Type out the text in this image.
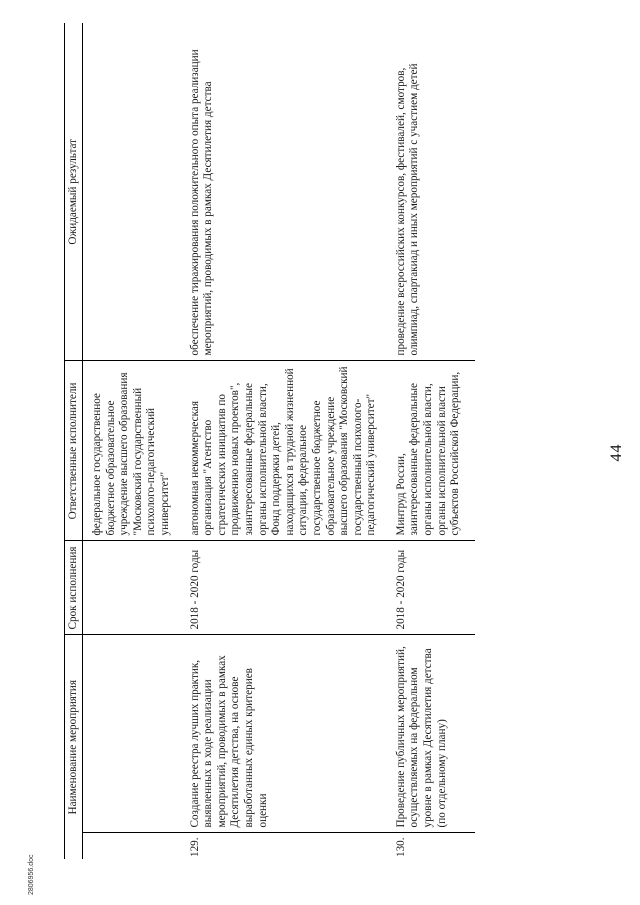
2806956.doc
Наименование мероприятия		Срок исполнения	Ответственные исполнители	Ожидаемый результат
			федеральное государственное бюджетное образовательное учреждение высшего образования "Московский государственный психолого-педагогический университет"	
129.	Создание реестра лучших практик, выявленных в ходе реализации мероприятий, проводимых в рамках Десятилетия детства, на основе выработанных единых критериев оценки	2018 - 2020 годы	автономная некоммерческая организация "Агентство стратегических инициатив по продвижению новых проектов", заинтересованные федеральные органы исполнительной власти, Фонд поддержки детей, находящихся в трудной жизненной ситуации, федеральное государственное бюджетное образовательное учреждение высшего образования "Московский государственный психолого-педагогический университет"	обеспечение тиражирования положительного опыта реализации мероприятий, проводимых в рамках Десятилетия детства
130.	Проведение публичных мероприятий, осуществляемых на федеральном уровне в рамках Десятилетия детства (по отдельному плану)	2018 - 2020 годы	Минтруд России, заинтересованные федеральные органы исполнительной власти, органы исполнительной власти субъектов Российской Федерации,	проведение всероссийских конкурсов, фестивалей, смотров, олимпиад, спартакиад и иных мероприятий с участием детей
44
